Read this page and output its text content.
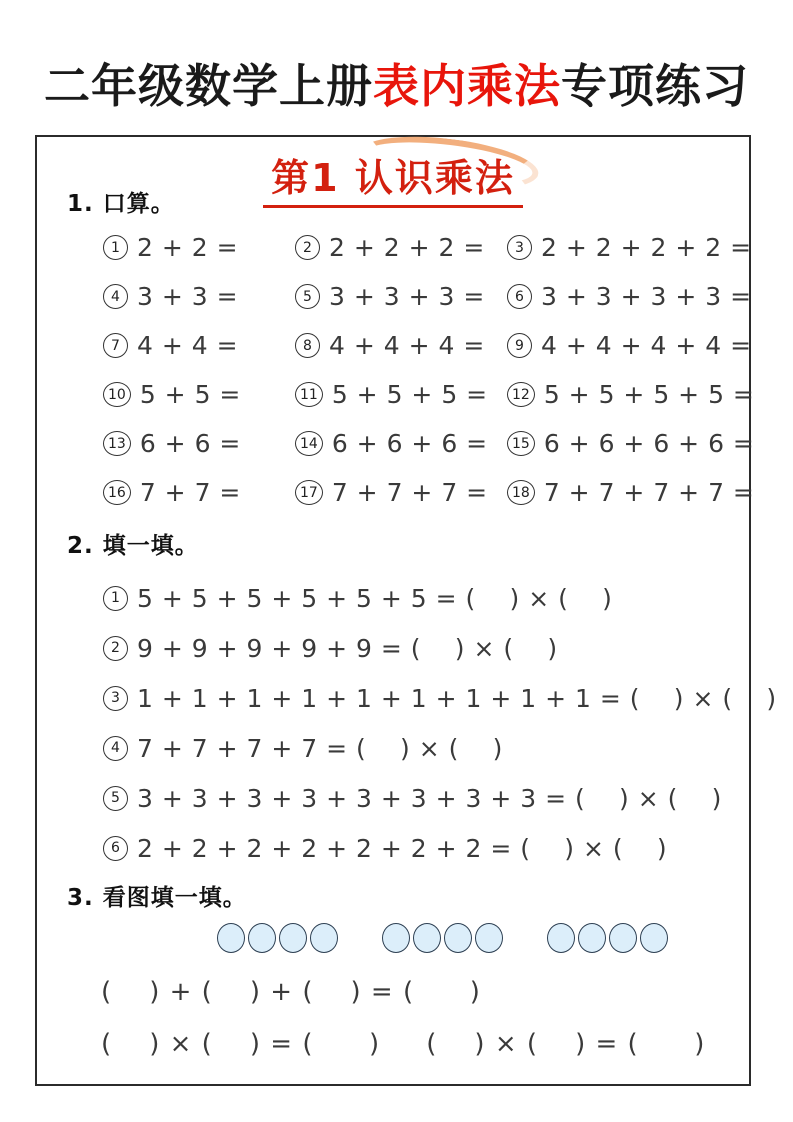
二年级数学上册表内乘法专项练习
第1 认识乘法
1. 口算。
1 2 + 2 =	2 2 + 2 + 2 =	3 2 + 2 + 2 + 2 =
4 3 + 3 =	5 3 + 3 + 3 =	6 3 + 3 + 3 + 3 =
7 4 + 4 =	8 4 + 4 + 4 =	9 4 + 4 + 4 + 4 =
10 5 + 5 =	11 5 + 5 + 5 =	12 5 + 5 + 5 + 5 =
13 6 + 6 =	14 6 + 6 + 6 =	15 6 + 6 + 6 + 6 =
16 7 + 7 =	17 7 + 7 + 7 =	18 7 + 7 + 7 + 7 =
2. 填一填。
1 5 + 5 + 5 + 5 + 5 + 5 = (    ) × (    )
2 9 + 9 + 9 + 9 + 9 = (    ) × (    )
3 1 + 1 + 1 + 1 + 1 + 1 + 1 + 1 + 1 = (    ) × (    )
4 7 + 7 + 7 + 7 = (    ) × (    )
5 3 + 3 + 3 + 3 + 3 + 3 + 3 + 3 = (    ) × (    )
6 2 + 2 + 2 + 2 + 2 + 2 + 2 = (    ) × (    )
3. 看图填一填。
(    ) + (    ) + (    ) = (      )
(    ) × (    ) = (      ) (    ) × (    ) = (      )
